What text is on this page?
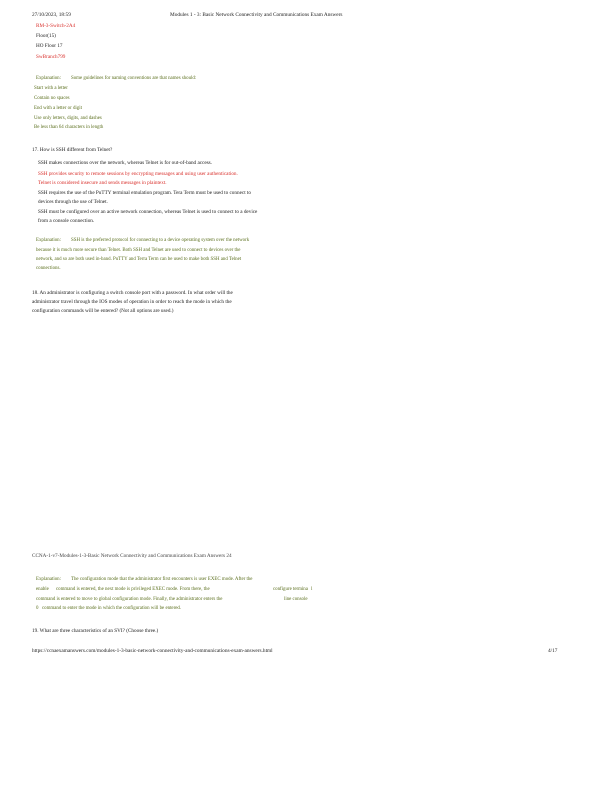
27/10/2023, 18:59	Modules 1 - 3: Basic Network Connectivity and Communications Exam Answers
RM-3-Switch-2A4
Floor(15)
HO Floor 17
SwBranch799
Explanation: Some guidelines for naming conventions are that names should:
Start with a letter
Contain no spaces
End with a letter or digit
Use only letters, digits, and dashes
Be less than 64 characters in length
17. How is SSH different from Telnet?
SSH makes connections over the network, whereas Telnet is for out-of-band access.
SSH provides security to remote sessions by encrypting messages and using user authentication.
Telnet is considered insecure and sends messages in plaintext.
SSH requires the use of the PuTTY terminal emulation program. Tera Term must be used to connect to
devices through the use of Telnet.
SSH must be configured over an active network connection, whereas Telnet is used to connect to a device
from a console connection.
Explanation: SSH is the preferred protocol for connecting to a device operating system over the network
because it is much more secure than Telnet. Both SSH and Telnet are used to connect to devices over the
network, and so are both used in-band. PuTTY and Terra Term can be used to make both SSH and Telnet
connections.
18. An administrator is configuring a switch console port with a password. In what order will the
administrator travel through the IOS modes of operation in order to reach the mode in which the
configuration commands will be entered? (Not all options are used.)
CCNA-1-v7-Modules-1-3-Basic Network Connectivity and Communications Exam Answers 24
Explanation: The configuration mode that the administrator first encounters is user EXEC mode. After the
enable command is entered, the next mode is privileged EXEC mode. From there, the	configure termina l
command is entered to move to global configuration mode. Finally, the administrator enters the	line console
0 command to enter the mode in which the configuration will be entered.
19. What are three characteristics of an SVI? (Choose three.)
https://ccnaexamanswers.com/modules-1-3-basic-network-connectivity-and-communications-exam-answers.html	4/17
